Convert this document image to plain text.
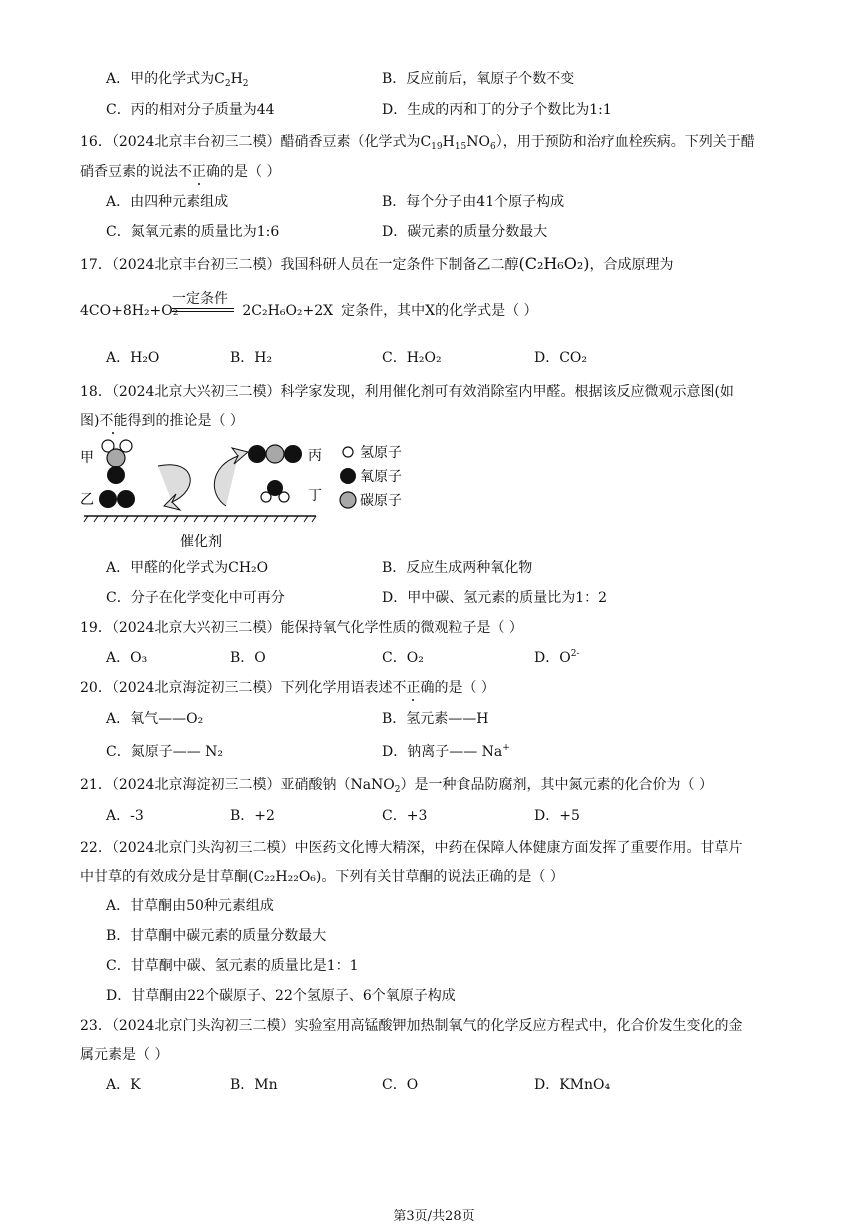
A．甲的化学式为$C_2H_2$	B．反应前后，氧原子个数不变
C．丙的相对分子质量为44	D．生成的丙和丁的分子个数比为1:1
16．（2024北京丰台初三二模）醋硝香豆素（化学式为$C_{19}H_{15}NO_6$），用于预防和治疗血栓疾病。下列关于醋
硝香豆素的说法不正确的是（ ）
A．由四种元素组成	B．每个分子由41个原子构成
C．氮氧元素的质量比为1:6	D．碳元素的质量分数最大
17．（2024北京丰台初三二模）我国科研人员在一定条件下制备乙二醇(C₂H₆O₂)，合成原理为
4CO+8H₂+O₂	2C₂H₆O₂+2X 定条件，其中X的化学式是（ ）
一定条件
A．H₂O	B．H₂	C．H₂O₂	D．CO₂
18．（2024北京大兴初三二模）科学家发现，利用催化剂可有效消除室内甲醛。根据该反应微观示意图(如
图)不能得到的推论是（ ）
甲
乙
丙
丁
氢原子
氧原子
碳原子
催化剂
A．甲醛的化学式为CH₂O	B．反应生成两种氧化物
C．分子在化学变化中可再分	D．甲中碳、氢元素的质量比为1：2
19．（2024北京大兴初三二模）能保持氧气化学性质的微观粒子是（ ）
A．O₃	B．O	C．O₂	D．$O^{2-}$
20．（2024北京海淀初三二模）下列化学用语表述不正确的是（ ）
A．氧气——O₂	B．氢元素——H
C．氮原子—— N₂	D．钠离子—— Na+
21．（2024北京海淀初三二模）亚硝酸钠（NaNO$_2$）是一种食品防腐剂，其中氮元素的化合价为（ ）
A．-3	B．+2	C．+3	D．+5
22．（2024北京门头沟初三二模）中医药文化博大精深，中药在保障人体健康方面发挥了重要作用。甘草片
中甘草的有效成分是甘草酮(C₂₂H₂₂O₆)。下列有关甘草酮的说法正确的是（ ）
A．甘草酮由50种元素组成
B．甘草酮中碳元素的质量分数最大
C．甘草酮中碳、氢元素的质量比是1：1
D．甘草酮由22个碳原子、22个氢原子、6个氧原子构成
23．（2024北京门头沟初三二模）实验室用高锰酸钾加热制氧气的化学反应方程式中，化合价发生变化的金
属元素是（ ）
A．K	B．Mn	C．O	D．KMnO₄
第3页/共28页
